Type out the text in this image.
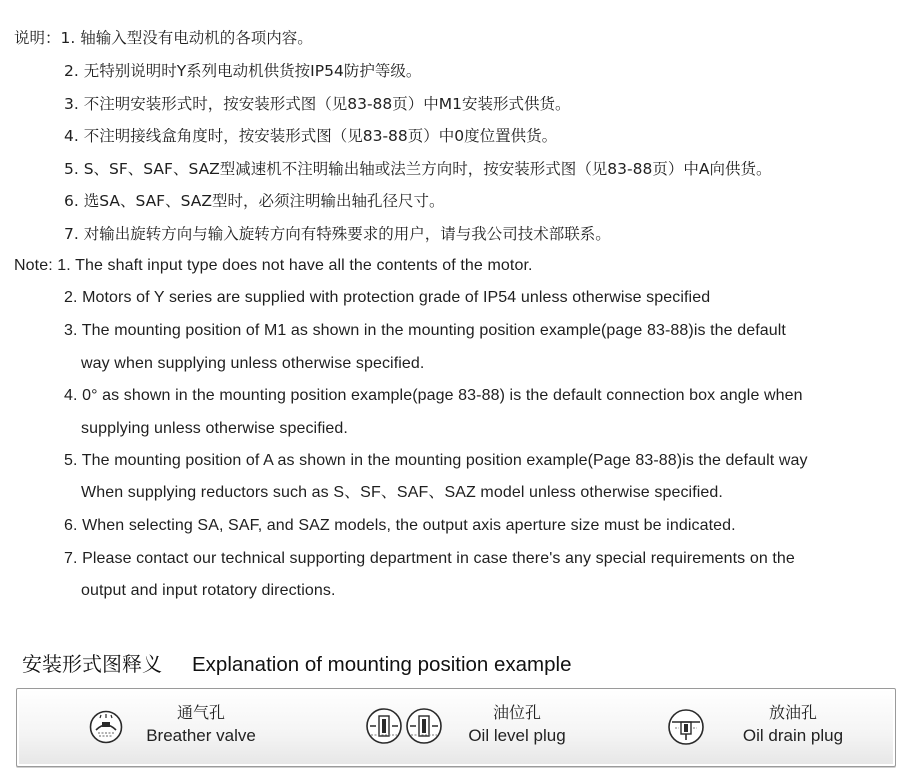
说明：1. 轴输入型没有电动机的各项内容。
2. 无特别说明时Y系列电动机供货按IP54防护等级。
3. 不注明安装形式时，按安装形式图（见83-88页）中M1安装形式供货。
4. 不注明接线盒角度时，按安装形式图（见83-88页）中0度位置供货。
5. S、SF、SAF、SAZ型减速机不注明输出轴或法兰方向时，按安装形式图（见83-88页）中A向供货。
6. 选SA、SAF、SAZ型时，必须注明输出轴孔径尺寸。
7. 对输出旋转方向与输入旋转方向有特殊要求的用户，请与我公司技术部联系。
Note: 1. The shaft input type does not have all the contents of the motor.
2. Motors of Y series are supplied with protection grade of IP54 unless otherwise specified
3. The mounting position of M1 as shown in the mounting position example(page 83-88)is the default
way when supplying unless otherwise specified.
4. 0° as shown in the mounting position example(page 83-88) is the default connection box angle when
supplying unless otherwise specified.
5. The mounting position of A as shown in the mounting position example(Page 83-88)is the default way
When supplying reductors such as S、SF、SAF、SAZ model unless otherwise specified.
6. When selecting SA, SAF, and SAZ models, the output axis aperture size must be indicated.
7. Please contact our technical supporting department in case there's any special requirements on the
output and input rotatory directions.
安装形式图释义 Explanation of mounting position example
通气孔
Breather valve
油位孔
Oil level plug
放油孔
Oil drain plug
